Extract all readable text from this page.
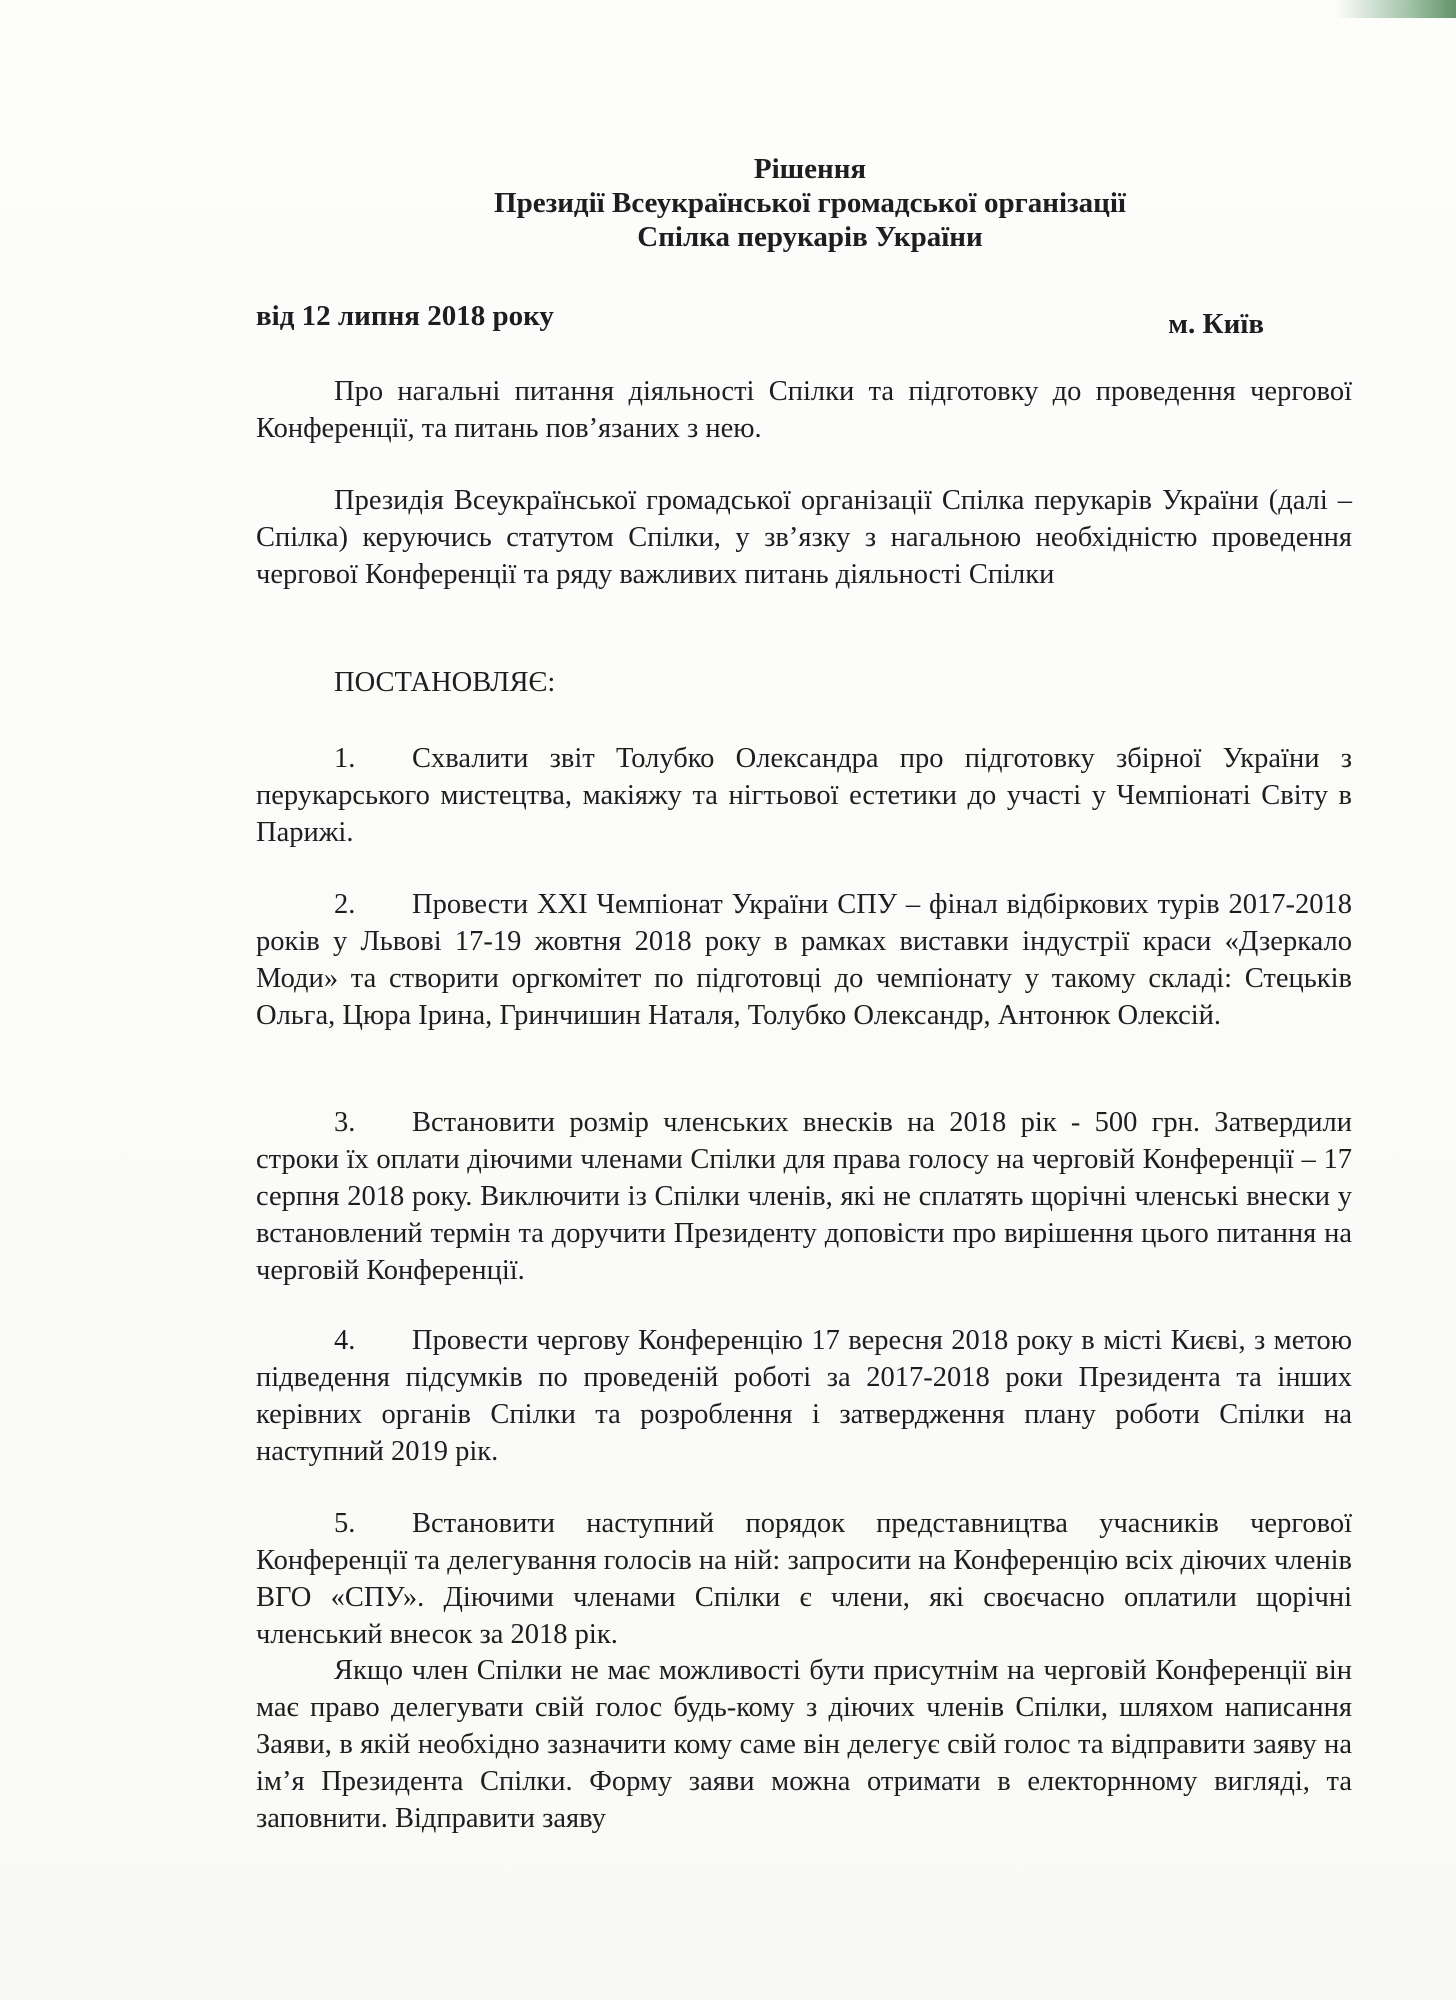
Рішення
Президії Всеукраїнської громадської організації
Спілка перукарів України
від 12 липня 2018 року	м. Київ
Про нагальні питання діяльності Спілки та підготовку до проведення чергової Конференції, та питань пов’язаних з нею.
Президія Всеукраїнської громадської організації Спілка перукарів України (далі – Спілка) керуючись статутом Спілки, у зв’язку з нагальною необхідністю проведення чергової Конференції та ряду важливих питань діяльності Спілки
ПОСТАНОВЛЯЄ:
1. Схвалити звіт Толубко Олександра про підготовку збірної України з перукарського мистецтва, макіяжу та нігтьової естетики до участі у Чемпіонаті Світу в Парижі.
2. Провести XXI Чемпіонат України СПУ – фінал відбіркових турів 2017-2018 років у Львові 17-19 жовтня 2018 року в рамках виставки індустрії краси «Дзеркало Моди» та створити оргкомітет по підготовці до чемпіонату у такому складі: Стецьків Ольга, Цюра Ірина, Гринчишин Наталя, Толубко Олександр, Антонюк Олексій.
3. Встановити розмір членських внесків на 2018 рік - 500 грн. Затвердили строки їх оплати діючими членами Спілки для права голосу на черговій Конференції – 17 серпня 2018 року. Виключити із Спілки членів, які не сплатять щорічні членські внески у встановлений термін та доручити Президенту доповісти про вирішення цього питання на черговій Конференції.
4. Провести чергову Конференцію 17 вересня 2018 року в місті Києві, з метою підведення підсумків по проведеній роботі за 2017-2018 роки Президента та інших керівних органів Спілки та розроблення і затвердження плану роботи Спілки на наступний 2019 рік.
5. Встановити наступний порядок представництва учасників чергової Конференції та делегування голосів на ній: запросити на Конференцію всіх діючих членів ВГО «СПУ». Діючими членами Спілки є члени, які своєчасно оплатили щорічні членський внесок за 2018 рік.
Якщо член Спілки не має можливості бути присутнім на черговій Конференції він має право делегувати свій голос будь-кому з діючих членів Спілки, шляхом написання Заяви, в якій необхідно зазначити кому саме він делегує свій голос та відправити заяву на ім’я Президента Спілки. Форму заяви можна отримати в електорнному вигляді, та заповнити. Відправити заяву
